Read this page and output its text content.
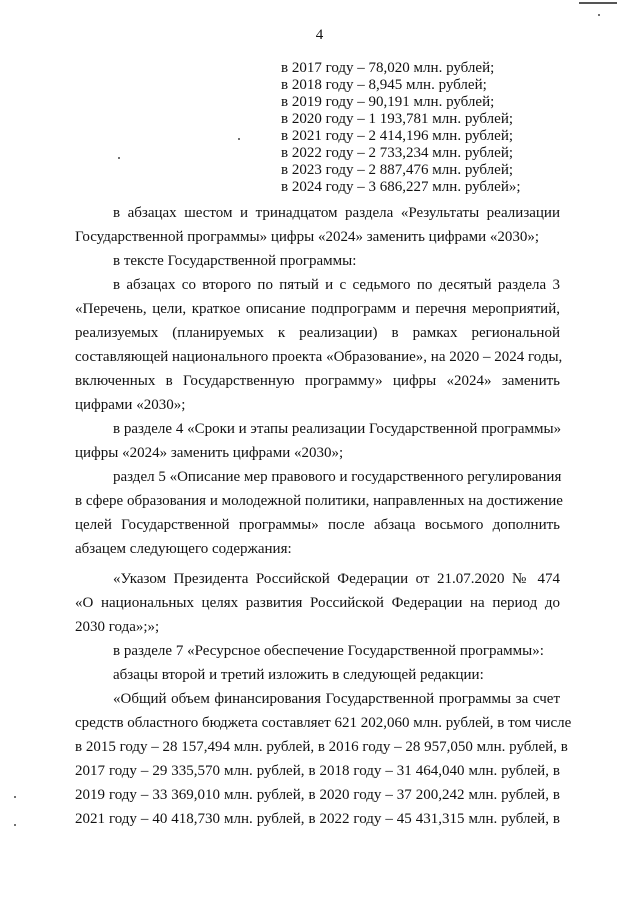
4
в 2017 году – 78,020 млн. рублей;
в 2018 году – 8,945 млн. рублей;
в 2019 году – 90,191 млн. рублей;
в 2020 году – 1 193,781 млн. рублей;
в 2021 году – 2 414,196 млн. рублей;
в 2022 году – 2 733,234 млн. рублей;
в 2023 году – 2 887,476 млн. рублей;
в 2024 году – 3 686,227 млн. рублей»;
в абзацах шестом и тринадцатом раздела «Результаты реализации
Государственной программы» цифры «2024» заменить цифрами «2030»;
в тексте Государственной программы:
в абзацах со второго по пятый и с седьмого по десятый раздела 3
«Перечень, цели, краткое описание подпрограмм и перечня мероприятий,
реализуемых (планируемых к реализации) в рамках региональной
составляющей национального проекта «Образование», на 2020 – 2024 годы,
включенных в Государственную программу» цифры «2024» заменить
цифрами «2030»;
в разделе 4 «Сроки и этапы реализации Государственной программы»
цифры «2024» заменить цифрами «2030»;
раздел 5 «Описание мер правового и государственного регулирования
в сфере образования и молодежной политики, направленных на достижение
целей Государственной программы» после абзаца восьмого дополнить
абзацем следующего содержания:
«Указом Президента Российской Федерации от 21.07.2020 № 474
«О национальных целях развития Российской Федерации на период до
2030 года»;»;
в разделе 7 «Ресурсное обеспечение Государственной программы»:
абзацы второй и третий изложить в следующей редакции:
«Общий объем финансирования Государственной программы за счет
средств областного бюджета составляет 621 202,060 млн. рублей, в том числе
в 2015 году – 28 157,494 млн. рублей, в 2016 году – 28 957,050 млн. рублей, в
2017 году – 29 335,570 млн. рублей, в 2018 году – 31 464,040 млн. рублей, в
2019 году – 33 369,010 млн. рублей, в 2020 году – 37 200,242 млн. рублей, в
2021 году – 40 418,730 млн. рублей, в 2022 году – 45 431,315 млн. рублей, в
